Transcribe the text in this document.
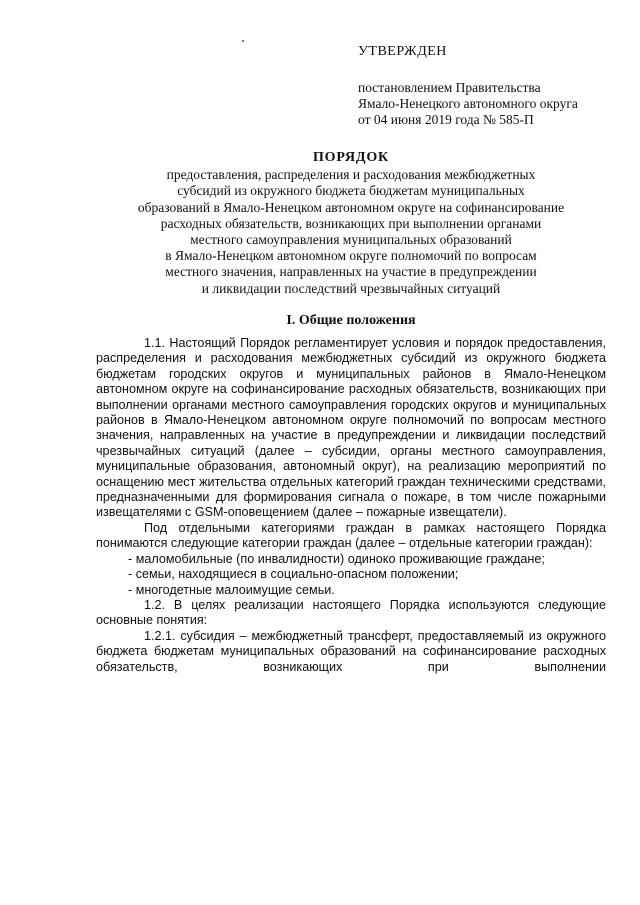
УТВЕРЖДЕН
постановлением Правительства
Ямало-Ненецкого автономного округа
от 04 июня 2019 года № 585-П
ПОРЯДОК
предоставления, распределения и расходования межбюджетных
субсидий из окружного бюджета бюджетам муниципальных
образований в Ямало-Ненецком автономном округе на софинансирование
расходных обязательств, возникающих при выполнении органами
местного самоуправления муниципальных образований
в Ямало-Ненецком автономном округе полномочий по вопросам
местного значения, направленных на участие в предупреждении
и ликвидации последствий чрезвычайных ситуаций
I. Общие положения

1.1. Настоящий Порядок регламентирует условия и порядок предоставления, распределения и расходования межбюджетных субсидий из окружного бюджета бюджетам городских округов и муниципальных районов в Ямало-Ненецком автономном округе на софинансирование расходных обязательств, возникающих при выполнении органами местного самоуправления городских округов и муниципальных районов в Ямало-Ненецком автономном округе полномочий по вопросам местного значения, направленных на участие в предупреждении и ликвидации последствий чрезвычайных ситуаций (далее – субсидии, органы местного самоуправления, муниципальные образования, автономный округ), на реализацию мероприятий по оснащению мест жительства отдельных категорий граждан техническими средствами, предназначенными для формирования сигнала о пожаре, в том числе пожарными извещателями с GSM-оповещением (далее – пожарные извещатели).

Под отдельными категориями граждан в рамках настоящего Порядка понимаются следующие категории граждан (далее – отдельные категории граждан):

- маломобильные (по инвалидности) одиноко проживающие граждане;

- семьи, находящиеся в социально-опасном положении;

- многодетные малоимущие семьи.

1.2. В целях реализации настоящего Порядка используются следующие основные понятия:

1.2.1. субсидия – межбюджетный трансферт, предоставляемый из окружного бюджета бюджетам муниципальных образований на софинансирование расходных обязательств, возникающих при выполнении
